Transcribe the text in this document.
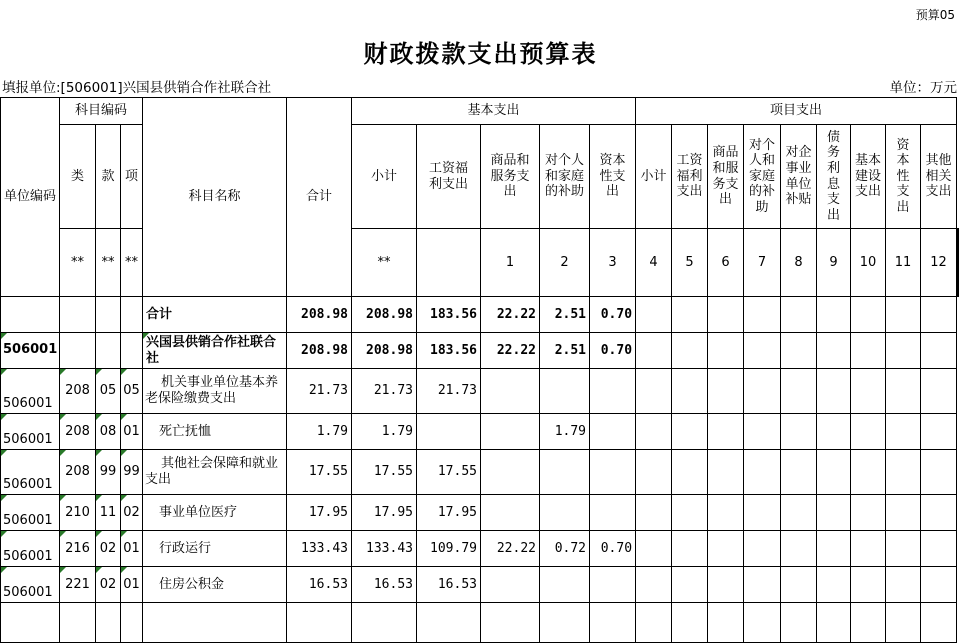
预算05
财政拨款支出预算表
填报单位:[506001]兴国县供销合作社联合社	单位：万元
单位编码	科目编码			科目名称	合计	基本支出					项目支出									
	类	款	项			小计	工资福利支出	商品和服务支出	对个人和家庭的补助	资本性支出	小计	工资福利支出	商品和服务支出	对个人和家庭的补助	对企事业单位补贴	债务利息支出	基本建设支出	资本性支出	其他相关支出	
	**	**	**			**		1	2	3	4	5	6	7	8	9	10	11	12		
				合计	208.98	208.98	183.56	22.22	2.51	0.70										
506001				兴国县供销合作社联合社	208.98	208.98	183.56	22.22	2.51	0.70										
506001	208	05	05	机关事业单位基本养老保险缴费支出	21.73	21.73	21.73													
506001	208	08	01	死亡抚恤	1.79	1.79			1.79											
506001	208	99	99	其他社会保障和就业支出	17.55	17.55	17.55													
506001	210	11	02	事业单位医疗	17.95	17.95	17.95													
506001	216	02	01	行政运行	133.43	133.43	109.79	22.22	0.72	0.70										
506001	221	02	01	住房公积金	16.53	16.53	16.53													
